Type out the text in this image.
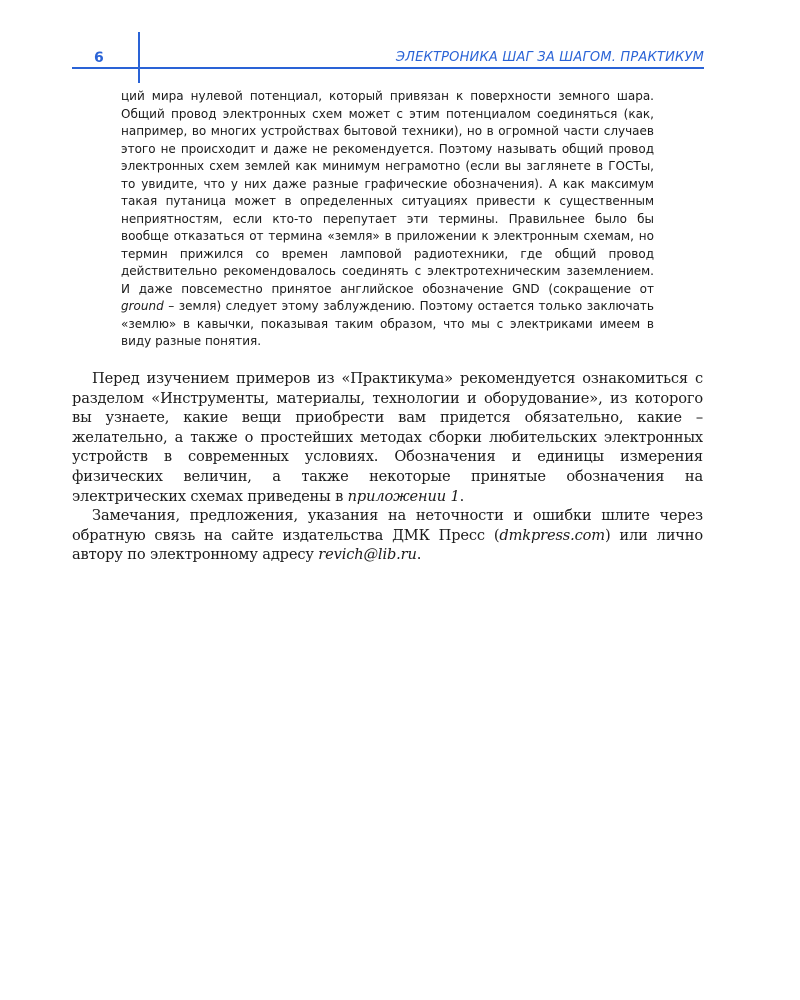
6	ЭЛЕКТРОНИКА ШАГ ЗА ШАГОМ. ПРАКТИКУМ

ций мира нулевой потенциал, который привязан к поверхности земного шара. Общий провод электронных схем может с этим потенциалом соединяться (как, например, во многих устройствах бытовой техники), но в огромной части случаев этого не происходит и даже не рекомендуется. Поэтому называть общий провод электронных схем землей как минимум неграмотно (если вы заглянете в ГОСТы, то увидите, что у них даже разные графические обозначения). А как максимум такая путаница может в определенных ситуациях привести к существенным неприятностям, если кто-то перепутает эти термины. Правильнее было бы вообще отказаться от термина «земля» в приложении к электронным схемам, но термин прижился со времен ламповой радиотехники, где общий провод действительно рекомендовалось соединять с электротехническим заземлением. И даже повсеместно принятое английское обозначение GND (сокращение от ground – земля) следует этому заблуждению. Поэтому остается только заключать «землю» в кавычки, показывая таким образом, что мы с электриками имеем в виду разные понятия.

Перед изучением примеров из «Практикума» рекомендуется ознакомиться с разделом «Инструменты, материалы, технологии и оборудование», из которого вы узнаете, какие вещи приобрести вам придется обязательно, какие – желательно, а также о простейших методах сборки любительских электронных устройств в современных условиях. Обозначения и единицы измерения физических величин, а также некоторые принятые обозначения на электрических схемах приведены в приложении 1.

Замечания, предложения, указания на неточности и ошибки шлите через обратную связь на сайте издательства ДМК Пресс (dmkpress.com) или лично автору по электронному адресу revich@lib.ru.
